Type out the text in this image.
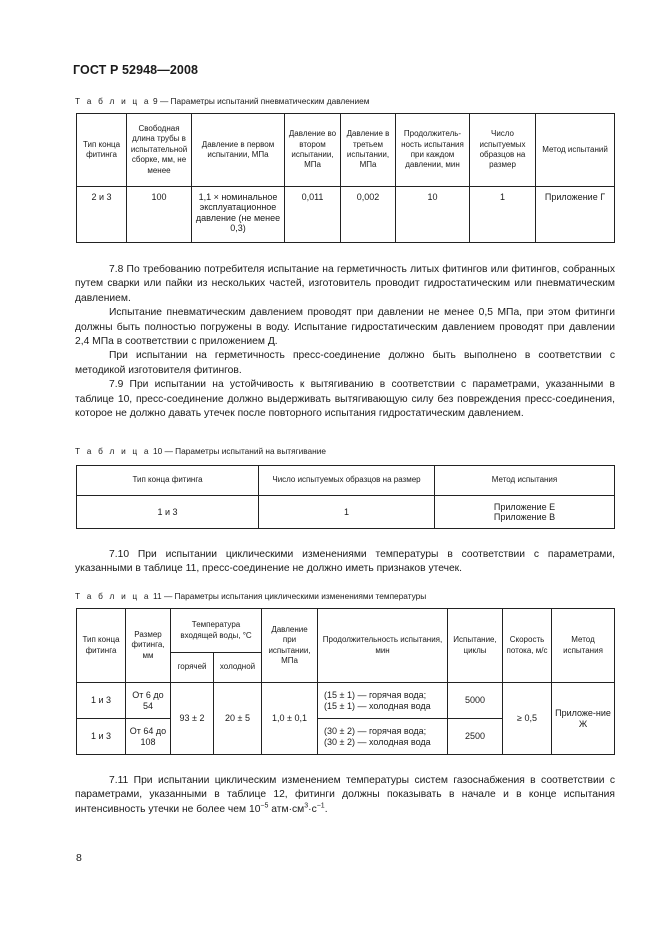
ГОСТ Р 52948—2008
Т а б л и ц а 9 — Параметры испытаний пневматическим давлением
Тип конца фитинга	Свободная длина трубы в испытательной сборке, мм, не менее	Давление в первом испытании, МПа	Давление во втором испытании, МПа	Давление в третьем испытании, МПа	Продолжитель-ность испытания при каждом давлении, мин	Число испытуемых образцов на размер	Метод испытаний
2 и 3	100	1,1 × номинальное эксплуатационное давление (не менее 0,3)	0,011	0,002	10	1	Приложение Г
7.8 По требованию потребителя испытание на герметичность литых фитингов или фитингов, собранных путем сварки или пайки из нескольких частей, изготовитель проводит гидростатическим или пневматическим давлением.
Испытание пневматическим давлением проводят при давлении не менее 0,5 МПа, при этом фитинги должны быть полностью погружены в воду. Испытание гидростатическим давлением проводят при давлении 2,4 МПа в соответствии с приложением Д.
При испытании на герметичность пресс-соединение должно быть выполнено в соответствии с методикой изготовителя фитингов.
7.9 При испытании на устойчивость к вытягиванию в соответствии с параметрами, указанными в таблице 10, пресс-соединение должно выдерживать вытягивающую силу без повреждения пресс-соединения, которое не должно давать утечек после повторного испытания гидростатическим давлением.
Т а б л и ц а 10 — Параметры испытаний на вытягивание
Тип конца фитинга	Число испытуемых образцов на размер	Метод испытания
1 и 3	1	Приложение Е
Приложение В
7.10 При испытании циклическими изменениями температуры в соответствии с параметрами, указанными в таблице 11, пресс-соединение не должно иметь признаков утечек.
Т а б л и ц а 11 — Параметры испытания циклическими изменениями температуры
Тип конца фитинга	Размер фитинга, мм	Температура входящей воды, °С		Давление при испытании, МПа	Продолжительность испытания, мин	Испытание, циклы	Скорость потока, м/с	Метод испытания
		горячей	холодной					
1 и 3	От 6 до 54	93 ± 2	20 ± 5	1,0 ± 0,1	(15 ± 1) — горячая вода;
(15 ± 1) — холодная вода	5000	≥ 0,5	Приложе-ние Ж
1 и 3	От 64 до 108				(30 ± 2) — горячая вода;
(30 ± 2) — холодная вода	2500		
7.11 При испытании циклическим изменением температуры систем газоснабжения в соответствии с параметрами, указанными в таблице 12, фитинги должны показывать в начале и в конце испытания интенсивность утечки не более чем $10^{-5}$ $атм\cdot см^3\cdot с^{-1}$.
8
